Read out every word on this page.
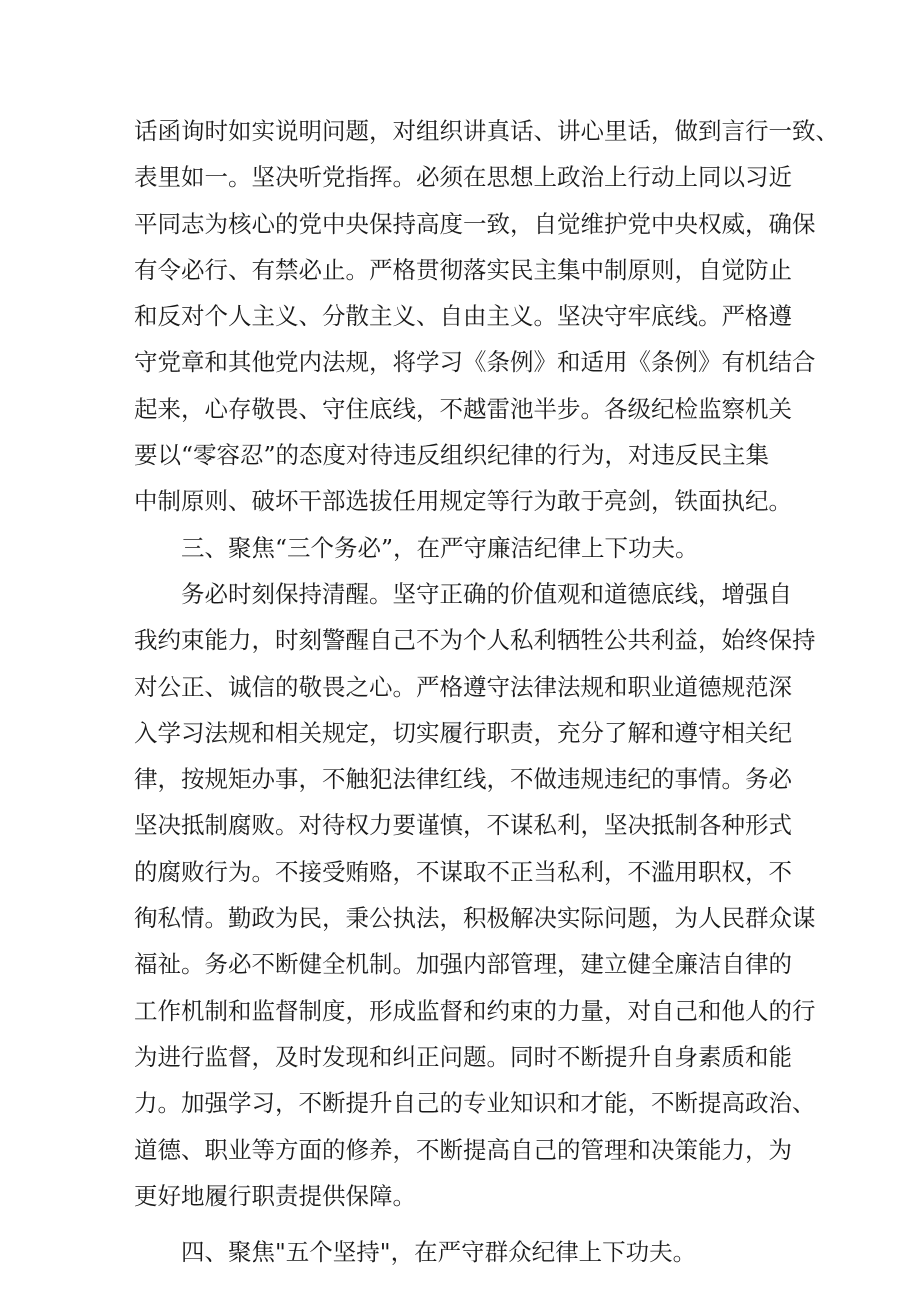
话函询时如实说明问题，对组织讲真话、讲心里话，做到言行一致、
表里如一。坚决听党指挥。必须在思想上政治上行动上同以习近
平同志为核心的党中央保持高度一致，自觉维护党中央权威，确保
有令必行、有禁必止。严格贯彻落实民主集中制原则，自觉防止
和反对个人主义、分散主义、自由主义。坚决守牢底线。严格遵
守党章和其他党内法规，将学习《条例》和适用《条例》有机结合
起来，心存敬畏、守住底线，不越雷池半步。各级纪检监察机关
要以“零容忍”的态度对待违反组织纪律的行为，对违反民主集
中制原则、破坏干部选拔任用规定等行为敢于亮剑，铁面执纪。
　　三、聚焦“三个务必”，在严守廉洁纪律上下功夫。
　　务必时刻保持清醒。坚守正确的价值观和道德底线，增强自
我约束能力，时刻警醒自己不为个人私利牺牲公共利益，始终保持
对公正、诚信的敬畏之心。严格遵守法律法规和职业道德规范深
入学习法规和相关规定，切实履行职责，充分了解和遵守相关纪
律，按规矩办事，不触犯法律红线，不做违规违纪的事情。务必
坚决抵制腐败。对待权力要谨慎，不谋私利，坚决抵制各种形式
的腐败行为。不接受贿赂，不谋取不正当私利，不滥用职权，不
徇私情。勤政为民，秉公执法，积极解决实际问题，为人民群众谋
福祉。务必不断健全机制。加强内部管理，建立健全廉洁自律的
工作机制和监督制度，形成监督和约束的力量，对自己和他人的行
为进行监督，及时发现和纠正问题。同时不断提升自身素质和能
力。加强学习，不断提升自己的专业知识和才能，不断提高政治、
道德、职业等方面的修养，不断提高自己的管理和决策能力，为
更好地履行职责提供保障。
　　四、聚焦"五个坚持"，在严守群众纪律上下功夫。
